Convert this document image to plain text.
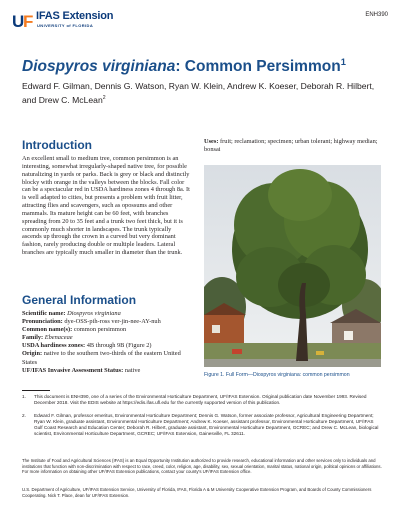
U
F IFAS Extension
UNIVERSITY of FLORIDA
ENH390
Diospyros virginiana: Common Persimmon$^1$
Edward F. Gilman, Dennis G. Watson, Ryan W. Klein, Andrew K. Koeser, Deborah R. Hilbert, and Drew C. McLean$^2$
Introduction
An excellent small to medium tree, common persimmon is an interesting, somewhat irregularly-shaped native tree, for possible naturalizing in yards or parks. Back is grey or black and distinctly blocky with orange in the valleys between the blocks. Fall color can be a spectacular red in USDA hardiness zones 4 through 8a. It is well adapted to cities, but presents a problem with fruit litter, attracting flies and scavengers, such as opossums and other mammals. Its mature height can be 60 feet, with branches spreading from 20 to 35 feet and a trunk two feet thick, but it is commonly much shorter in landscapes. The trunk typically ascends up through the crown in a curved but very dominant fashion, rarely producing double or multiple leaders. Lateral branches are typically much smaller in diameter than the trunk.
General Information
Scientific name: Diospyros virginiana
Pronunciation: dye-OSS-pih-ross ver-jin-nee-AY-nuh
Common name(s): common persimmon
Family: Ebenaceae
USDA hardiness zones: 4B through 9B (Figure 2)
Origin: native to the southern two-thirds of the eastern United States
UF/IFAS Invasive Assessment Status: native
Uses: fruit; reclamation; specimen; urban tolerant; highway median; bonsai
Figure 1. Full Form—Diospyros virginiana: common persimmon
1. This document is ENH390, one of a series of the Environmental Horticulture Department, UF/IFAS Extension. Original publication date November 1993. Revised December 2018. Visit the EDIS website at https://edis.ifas.ufl.edu for the currently supported version of this publication.
2. Edward F. Gilman, professor emeritus, Environmental Horticulture Department; Dennis G. Watson, former associate professor, Agricultural Engineering Department; Ryan W. Klein, graduate assistant, Environmental Horticulture Department; Andrew K. Koeser, assistant professor, Environmental Horticulture Department, UF/IFAS Gulf Coast Research and Education Center; Deborah R. Hilbert, graduate assistant, Environmental Horticulture Department, GCREC; and Drew C. McLean, biological scientist, Environmental Horticulture Department, GCREC; UF/IFAS Extension, Gainesville, FL 32611.
The Institute of Food and Agricultural Sciences (IFAS) is an Equal Opportunity Institution authorized to provide research, educational information and other services only to individuals and institutions that function with non-discrimination with respect to race, creed, color, religion, age, disability, sex, sexual orientation, marital status, national origin, political opinions or affiliations. For more information on obtaining other UF/IFAS Extension publications, contact your county's UF/IFAS Extension office.
U.S. Department of Agriculture, UF/IFAS Extension Service, University of Florida, IFAS, Florida A & M University Cooperative Extension Program, and Boards of County Commissioners Cooperating. Nick T. Place, dean for UF/IFAS Extension.
